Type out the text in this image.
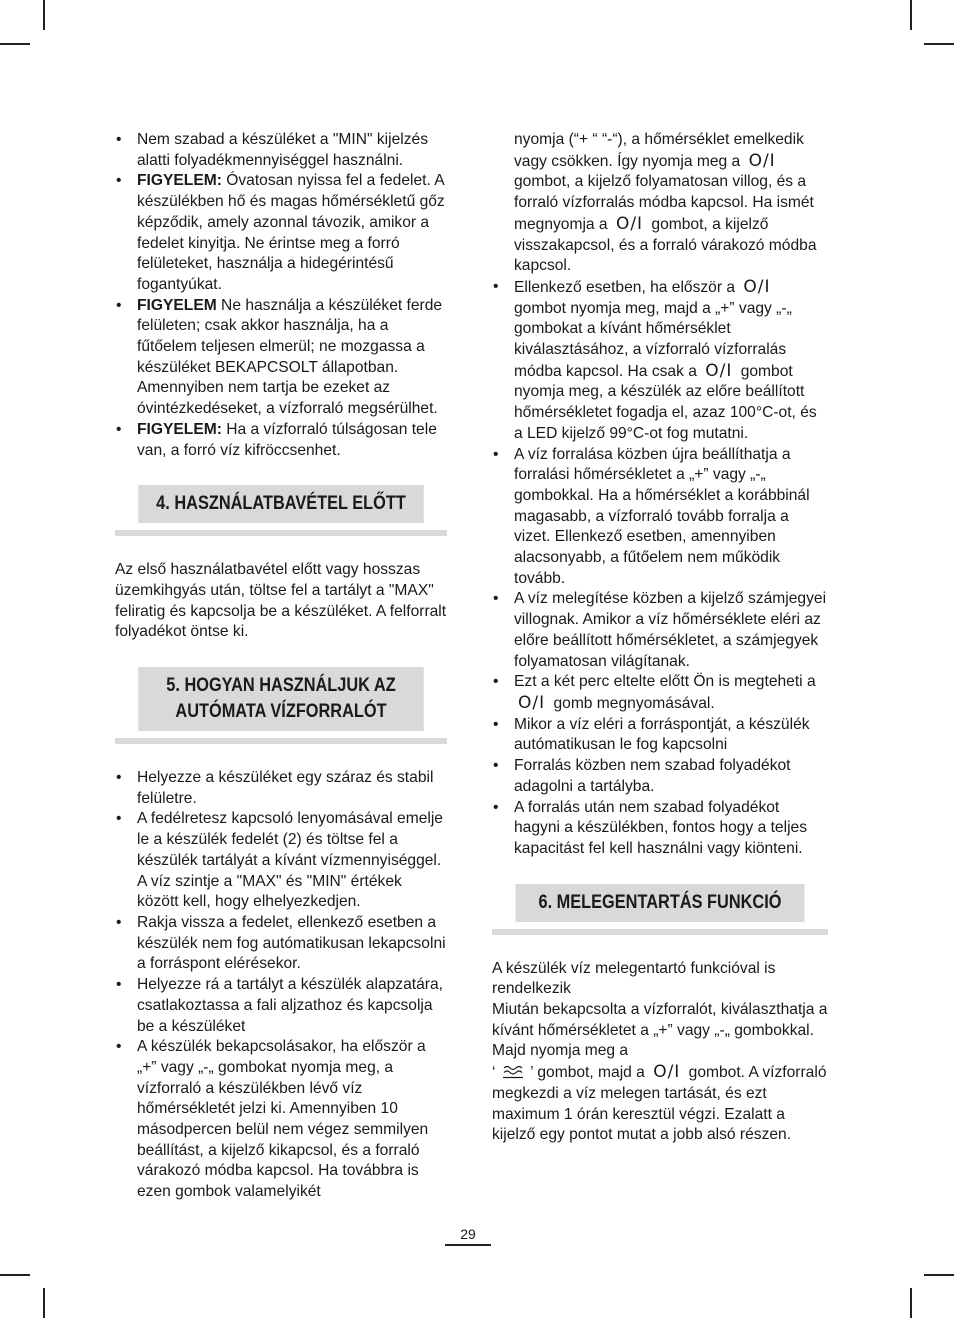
• Nem szabad a készüléket a "MIN" kijelzés alatti folyadékmennyiséggel használni.
• FIGYELEM: Óvatosan nyissa fel a fedelet. A készülékben hő és magas hőmérsékletű gőz képződik, amely azonnal távozik, amikor a fedelet kinyitja. Ne érintse meg a forró felületeket, használja a hidegérintésű fogantyúkat.
• FIGYELEM Ne használja a készüléket ferde felületen; csak akkor használja, ha a fűtőelem teljesen elmerül; ne mozgassa a készüléket BEKAPCSOLT állapotban. Amennyiben nem tartja be ezeket az óvintézkedéseket, a vízforraló megsérülhet.
• FIGYELEM: Ha a vízforraló túlságosan tele van, a forró víz kifröccsenhet.
4. HASZNÁLATBAVÉTEL ELŐTT
Az első használatbavétel előtt vagy hosszas üzemkihgyás után, töltse fel a tartályt a "MAX" feliratig és kapcsolja be a készüléket. A felforralt folyadékot öntse ki.
5. HOGYAN HASZNÁLJUK AZ
AUTÓMATA VÍZFORRALÓT
• Helyezze a készüléket egy száraz és stabil felületre.
• A fedélretesz kapcsoló lenyomásával emelje le a készülék fedelét (2) és töltse fel a készülék tartályát a kívánt vízmennyiséggel. A víz szintje a "MAX" és "MIN" értékek között kell, hogy elhelyezkedjen.
• Rakja vissza a fedelet, ellenkező esetben a készülék nem fog autómatikusan lekapcsolni a forráspont elérésekor.
• Helyezze rá a tartályt a készülék alapzatára, csatlakoztassa a fali aljzathoz és kapcsolja be a készüléket
• A készülék bekapcsolásakor, ha először a „+” vagy „-„ gombokat nyomja meg, a vízforraló a készülékben lévő víz hőmérsékletét jelzi ki. Amennyiben 10 másodpercen belül nem végez semmilyen beállítást, a kijelző kikapcsol, és a forraló várakozó módba kapcsol. Ha továbbra is ezen gombok valamelyikét
nyomja (“+ “ “-“), a hőmérséklet emelkedik vagy csökken. Így nyomja meg a O/I gombot, a kijelző folyamatosan villog, és a forraló vízforralás módba kapcsol. Ha ismét megnyomja a O/I gombot, a kijelző visszakapcsol, és a forraló várakozó módba kapcsol.
• Ellenkező esetben, ha először a O/I gombot nyomja meg, majd a „+” vagy „-„ gombokat a kívánt hőmérséklet kiválasztásához, a vízforraló vízforralás módba kapcsol. Ha csak a O/I gombot nyomja meg, a készülék az előre beállított hőmérsékletet fogadja el, azaz 100°C-ot, és a LED kijelző 99°C-ot fog mutatni.
• A víz forralása közben újra beállíthatja a forralási hőmérsékletet a „+” vagy „-„ gombokkal. Ha a hőmérséklet a korábbinál magasabb, a vízforraló tovább forralja a vizet. Ellenkező esetben, amennyiben alacsonyabb, a fűtőelem nem működik tovább.
• A víz melegítése közben a kijelző számjegyei villognak. Amikor a víz hőmérséklete eléri az előre beállított hőmérsékletet, a számjegyek folyamatosan világítanak.
• Ezt a két perc eltelte előtt Ön is megteheti a O/I gomb megnyomásával.
• Mikor a víz eléri a forráspontját, a készülék autómatikusan le fog kapcsolni
• Forralás közben nem szabad folyadékot adagolni a tartályba.
• A forralás után nem szabad folyadékot hagyni a készülékben, fontos hogy a teljes kapacitást fel kell használni vagy kiönteni.
6. MELEGENTARTÁS FUNKCIÓ
A készülék víz melegentartó funkcióval is rendelkezik
Miután bekapcsolta a vízforralót, kiválaszthatja a kívánt hőmérsékletet a „+” vagy „-„ gombokkal. Majd nyomja meg a
‘ ’ gombot, majd a O/I gombot. A vízforraló megkezdi a víz melegen tartását, és ezt maximum 1 órán keresztül végzi. Ezalatt a kijelző egy pontot mutat a jobb alsó részen.
29
